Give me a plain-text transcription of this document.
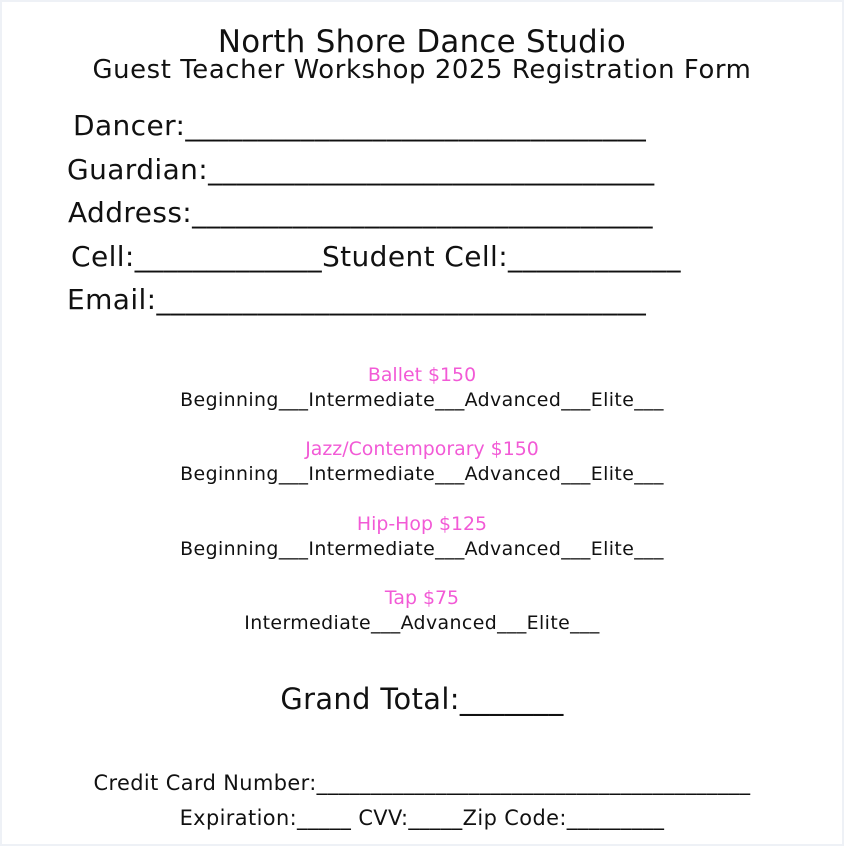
North Shore Dance Studio
Guest Teacher Workshop 2025 Registration Form
Dancer:________________________________
Guardian:_______________________________
Address:________________________________
Cell:_____________Student Cell:____________
Email:__________________________________
Ballet $150
Beginning___Intermediate___Advanced___Elite___
Jazz/Contemporary $150
Beginning___Intermediate___Advanced___Elite___
Hip-Hop $125
Beginning___Intermediate___Advanced___Elite___
Tap $75
Intermediate___Advanced___Elite___
Grand Total:_______
Credit Card Number:________________________________________
Expiration:_____ CVV:_____Zip Code:_________
